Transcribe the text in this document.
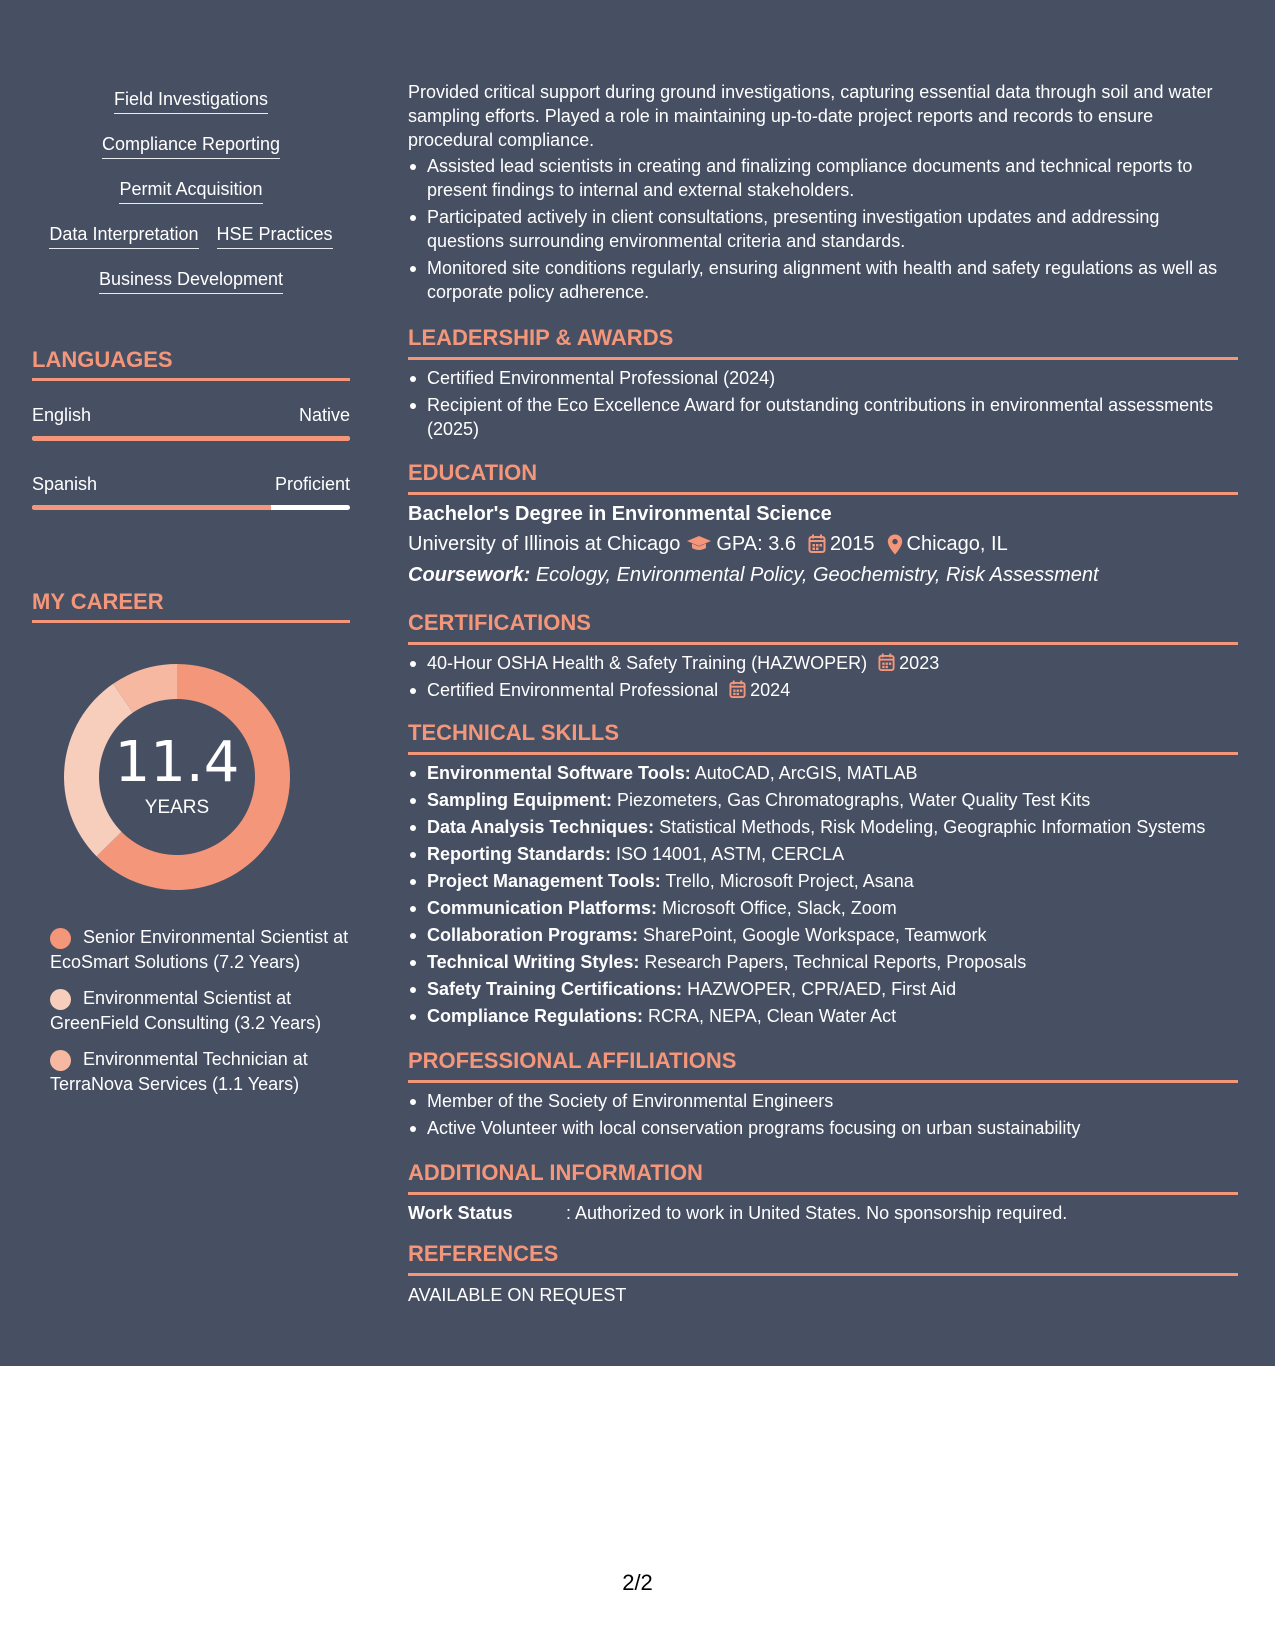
Field Investigations
Compliance Reporting
Permit Acquisition
Data Interpretation HSE Practices
Business Development
LANGUAGES
English	Native
Spanish	Proficient
MY CAREER
11.4
YEARS
Senior Environmental Scientist at EcoSmart Solutions (7.2 Years)
Environmental Scientist at GreenField Consulting (3.2 Years)
Environmental Technician at TerraNova Services (1.1 Years)
Provided critical support during ground investigations, capturing essential data through soil and water sampling efforts. Played a role in maintaining up-to-date project reports and records to ensure procedural compliance.
Assisted lead scientists in creating and finalizing compliance documents and technical reports to present findings to internal and external stakeholders.
Participated actively in client consultations, presenting investigation updates and addressing questions surrounding environmental criteria and standards.
Monitored site conditions regularly, ensuring alignment with health and safety regulations as well as corporate policy adherence.
LEADERSHIP & AWARDS
Certified Environmental Professional (2024)
Recipient of the Eco Excellence Award for outstanding contributions in environmental assessments (2025)
EDUCATION
Bachelor's Degree in Environmental Science
University of Illinois at Chicago GPA: 3.6 2015 Chicago, IL
Coursework: Ecology, Environmental Policy, Geochemistry, Risk Assessment
CERTIFICATIONS
40-Hour OSHA Health & Safety Training (HAZWOPER) 2023
Certified Environmental Professional 2024
TECHNICAL SKILLS
Environmental Software Tools: AutoCAD, ArcGIS, MATLAB
Sampling Equipment: Piezometers, Gas Chromatographs, Water Quality Test Kits
Data Analysis Techniques: Statistical Methods, Risk Modeling, Geographic Information Systems
Reporting Standards: ISO 14001, ASTM, CERCLA
Project Management Tools: Trello, Microsoft Project, Asana
Communication Platforms: Microsoft Office, Slack, Zoom
Collaboration Programs: SharePoint, Google Workspace, Teamwork
Technical Writing Styles: Research Papers, Technical Reports, Proposals
Safety Training Certifications: HAZWOPER, CPR/AED, First Aid
Compliance Regulations: RCRA, NEPA, Clean Water Act
PROFESSIONAL AFFILIATIONS
Member of the Society of Environmental Engineers
Active Volunteer with local conservation programs focusing on urban sustainability
ADDITIONAL INFORMATION
Work Status	: Authorized to work in United States. No sponsorship required.
REFERENCES
AVAILABLE ON REQUEST
2/2
